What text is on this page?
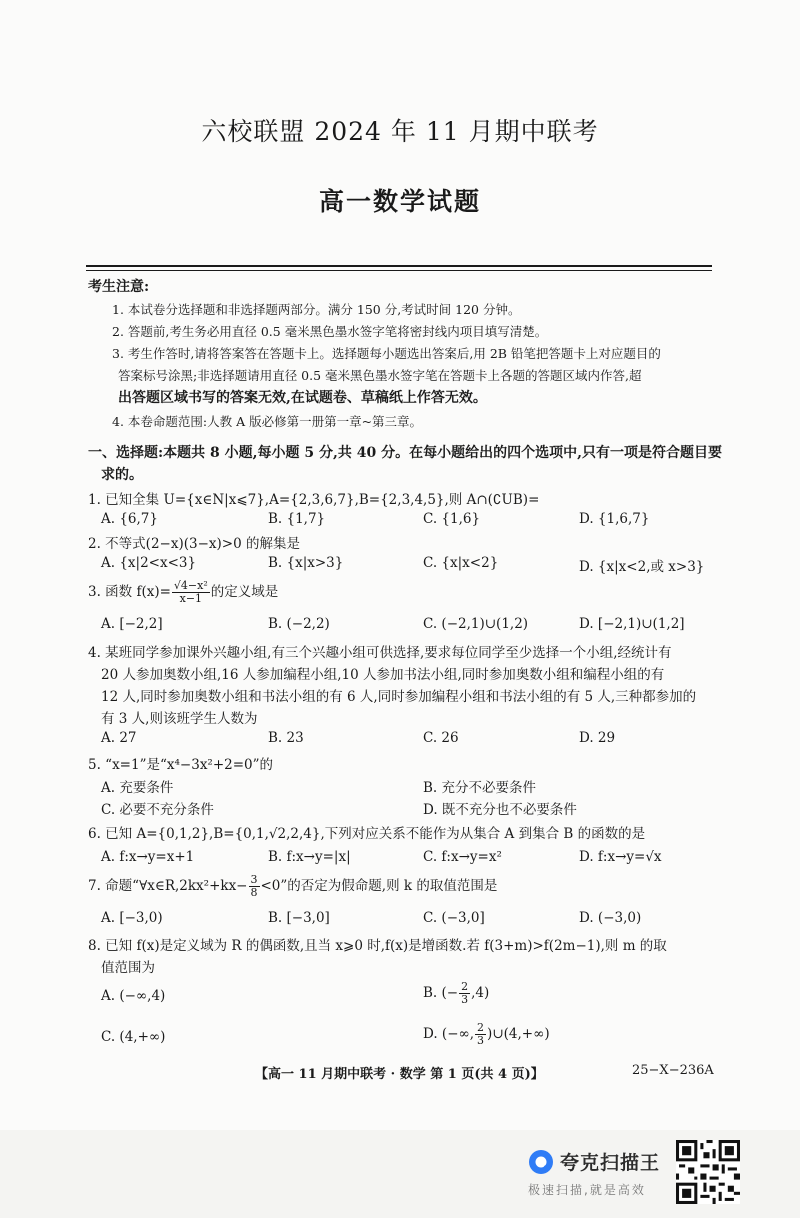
六校联盟 2024 年 11 月期中联考
高一数学试题
考生注意:
1. 本试卷分选择题和非选择题两部分。满分 150 分,考试时间 120 分钟。
2. 答题前,考生务必用直径 0.5 毫米黑色墨水签字笔将密封线内项目填写清楚。
3. 考生作答时,请将答案答在答题卡上。选择题每小题选出答案后,用 2B 铅笔把答题卡上对应题目的
答案标号涂黑;非选择题请用直径 0.5 毫米黑色墨水签字笔在答题卡上各题的答题区域内作答,超
出答题区域书写的答案无效,在试题卷、草稿纸上作答无效。
4. 本卷命题范围:人教 A 版必修第一册第一章~第三章。
一、选择题:本题共 8 小题,每小题 5 分,共 40 分。在每小题给出的四个选项中,只有一项是符合题目要
求的。
1. 已知全集 U={x∈N|x⩽7},A={2,3,6,7},B={2,3,4,5},则 A∩(∁UB)=
A. {6,7}	B. {1,7}	C. {1,6}	D. {1,6,7}
2. 不等式(2−x)(3−x)>0 的解集是
A. {x|2<x<3}	B. {x|x>3}	C. {x|x<2}	D. {x|x<2,或 x>3}
3. 函数 $f(x)= \frac{\text{√4−x²}}{x-1}$ 的定义域是
A. [−2,2]	B. (−2,2)	C. (−2,1)∪(1,2)	D. [−2,1)∪(1,2]
4. 某班同学参加课外兴趣小组,有三个兴趣小组可供选择,要求每位同学至少选择一个小组,经统计有
20 人参加奥数小组,16 人参加编程小组,10 人参加书法小组,同时参加奥数小组和编程小组的有
12 人,同时参加奥数小组和书法小组的有 6 人,同时参加编程小组和书法小组的有 5 人,三种都参加的
有 3 人,则该班学生人数为
A. 27	B. 23	C. 26	D. 29
5. “x=1”是“x⁴−3x²+2=0”的
A. 充要条件	B. 充分不必要条件
C. 必要不充分条件	D. 既不充分也不必要条件
6. 已知 A={0,1,2},B={0,1,√2,2,4},下列对应关系不能作为从集合 A 到集合 B 的函数的是
A. f:x→y=x+1	B. f:x→y=|x|	C. f:x→y=x²	D. f:x→y=√x
7. 命题“∀x∈R,2kx²+kx− $\frac{3}{8} <0$”的否定为假命题,则 k 的取值范围是
A. [−3,0)	B. [−3,0]	C. (−3,0]	D. (−3,0)
8. 已知 f(x)是定义域为 R 的偶函数,且当 x⩾0 时,f(x)是增函数.若 f(3+m)>f(2m−1),则 m 的取
值范围为
A. (−∞,4)	B. (− $\frac{2}{3} ,4$)
C. (4,+∞)	D. (−∞, $\frac{2}{3}$ )∪(4,+∞)
【高一 11 月期中联考 · 数学 第 1 页(共 4 页)】	25−X−236A
夸克扫描王
极速扫描,就是高效
